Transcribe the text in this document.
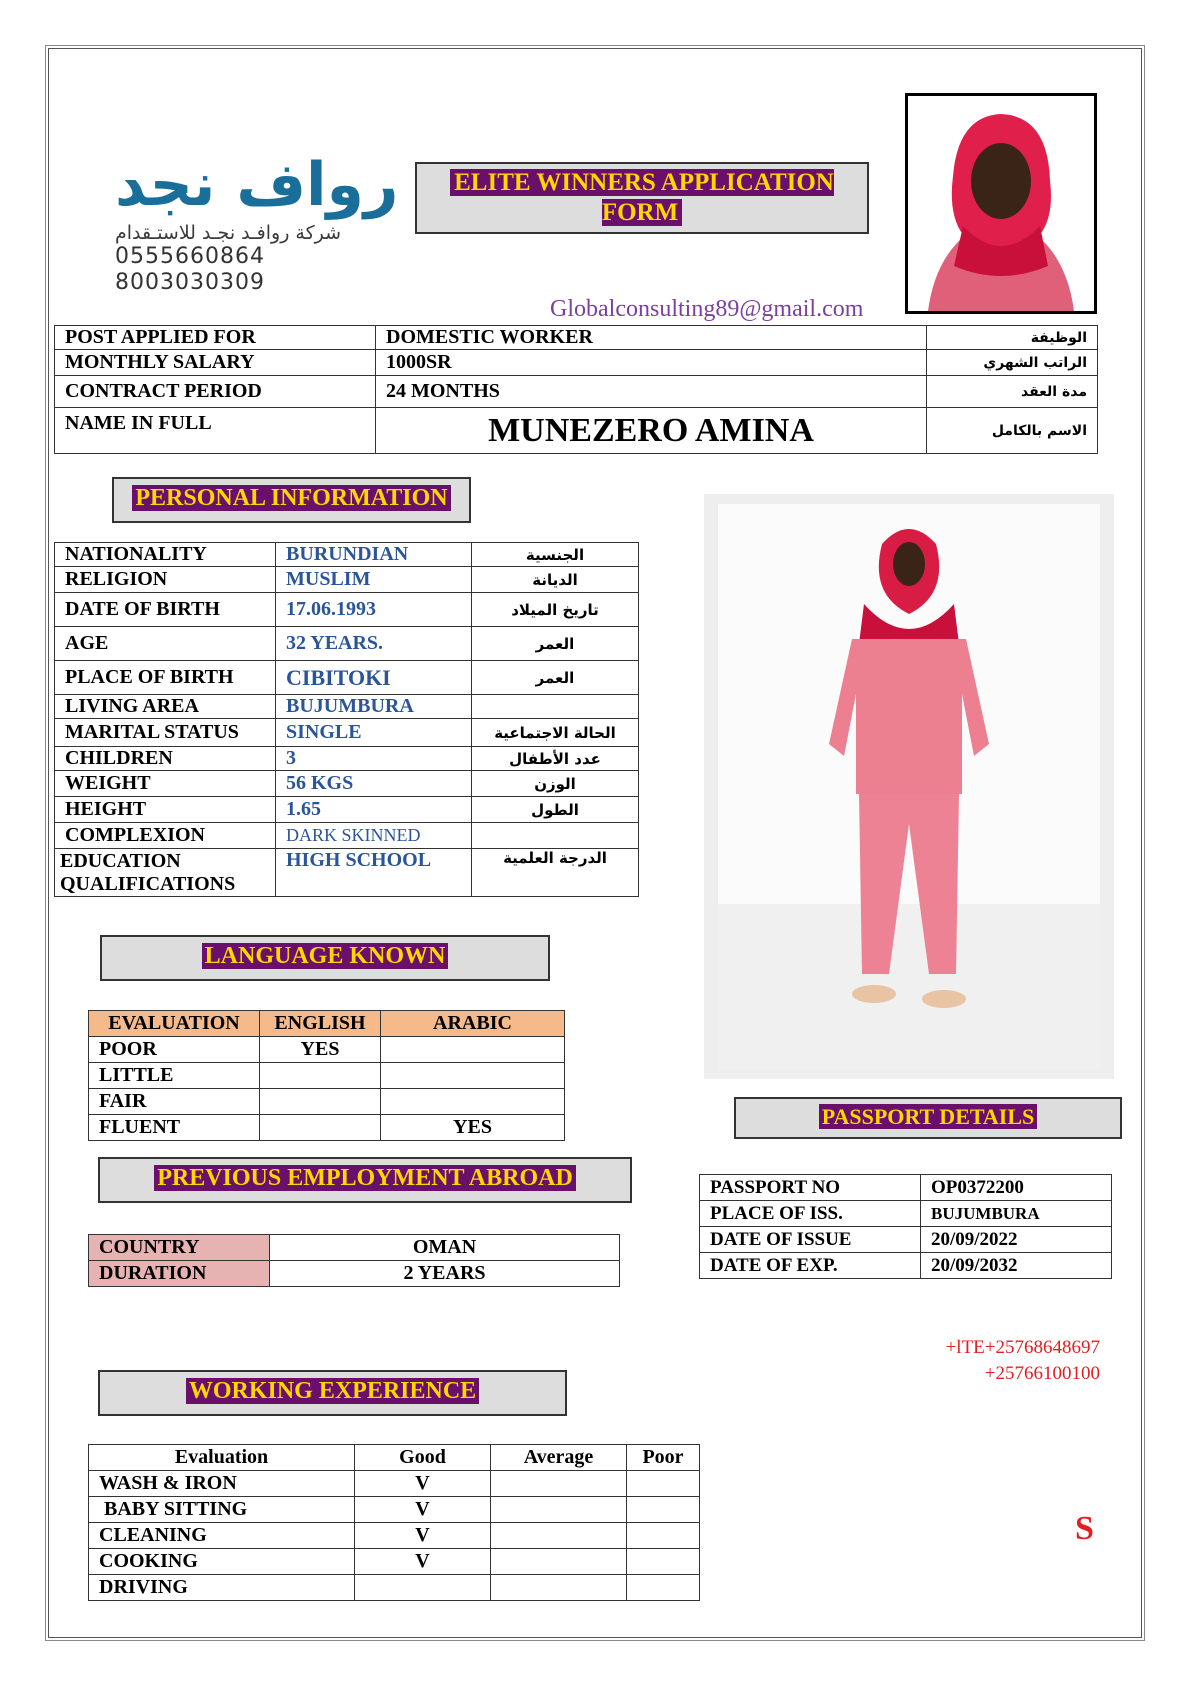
رواف نجد
شركة روافـد نجـد للاستـقدام
0555660864
8003030309
ELITE WINNERS APPLICATION FORM
Globalconsulting89@gmail.com
POST APPLIED FOR	DOMESTIC WORKER	الوظيفة
MONTHLY SALARY	1000SR	الراتب الشهري
CONTRACT PERIOD	24 MONTHS	مدة العقد
NAME IN FULL	MUNEZERO AMINA	الاسم بالكامل
PERSONAL INFORMATION
NATIONALITY	BURUNDIAN	الجنسية
RELIGION	MUSLIM	الديانة
DATE OF BIRTH	17.06.1993	تاريخ الميلاد
AGE	32 YEARS.	العمر
PLACE OF BIRTH	CIBITOKI	العمر
LIVING AREA	BUJUMBURA	
MARITAL STATUS	SINGLE	الحالة الاجتماعية
CHILDREN	3	عدد الأطفال
WEIGHT	56 KGS	الوزن
HEIGHT	1.65	الطول
COMPLEXION	DARK SKINNED	
EDUCATION QUALIFICATIONS	HIGH SCHOOL	الدرجة العلمية
LANGUAGE KNOWN
EVALUATION	ENGLISH	ARABIC
POOR	YES	
LITTLE		
FAIR		
FLUENT		YES
PREVIOUS EMPLOYMENT ABROAD
COUNTRY	OMAN
DURATION	2 YEARS
PASSPORT DETAILS
PASSPORT NO	OP0372200
PLACE OF ISS.	BUJUMBURA
DATE OF ISSUE	20/09/2022
DATE OF EXP.	20/09/2032
+lTE+25768648697
+25766100100
S
WORKING EXPERIENCE
Evaluation	Good	Average	Poor
WASH & IRON	V		
BABY SITTING	V		
CLEANING	V		
COOKING	V		
DRIVING			
